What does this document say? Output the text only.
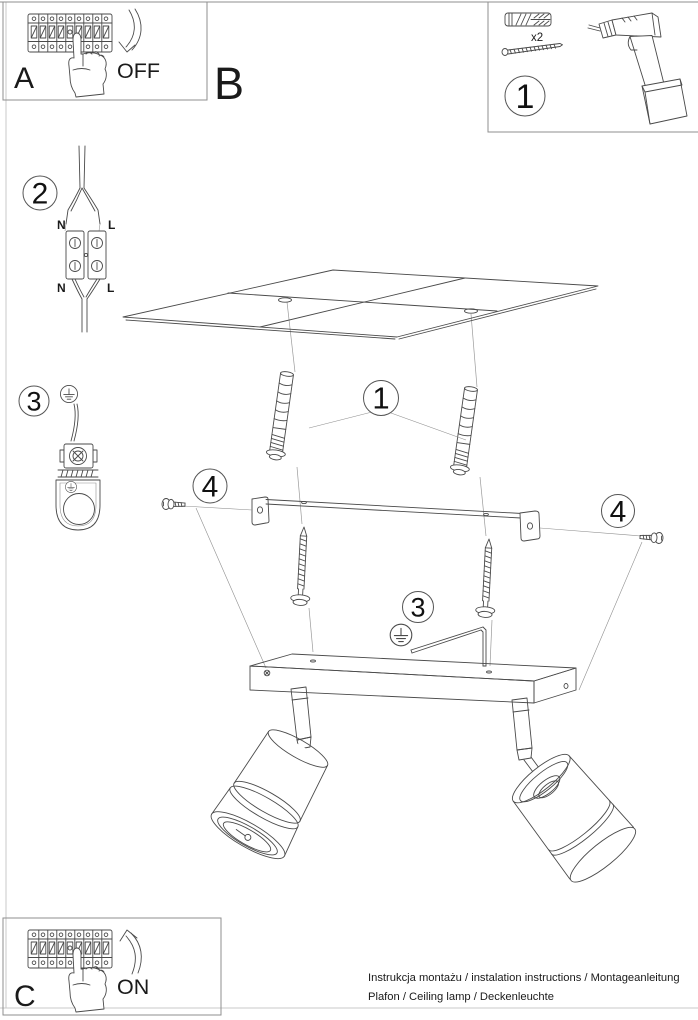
A	OFF B
x2
1
2
N	L
N	L
3	1
4
4
3
C	ON	Instrukcja montażu / instalation instructions / Montageanleitung
Plafon / Ceiling lamp / Deckenleuchte
